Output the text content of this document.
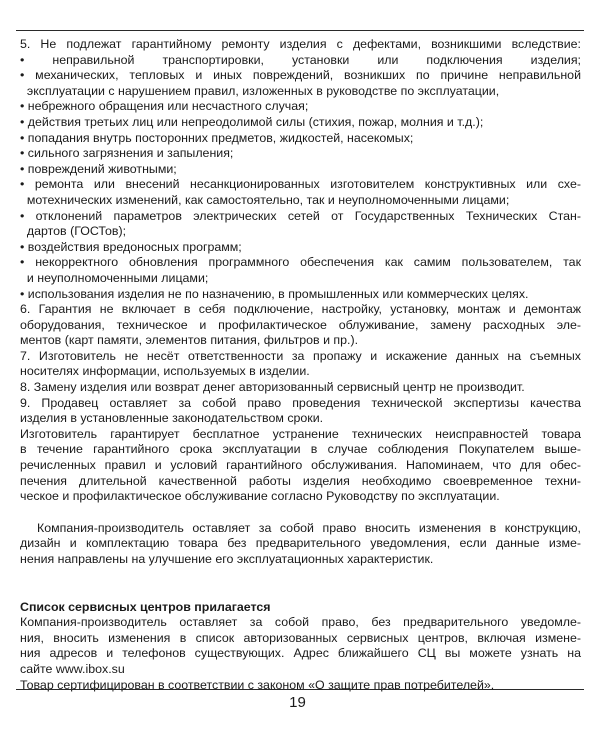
5. Не подлежат гарантийному ремонту изделия с дефектами, возникшими вследствие:
• неправильной транспортировки, установки или подключения изделия;
• механических, тепловых и иных повреждений, возникших по причине неправильной
эксплуатации с нарушением правил, изложенных в руководстве по эксплуатации,
• небрежного обращения или несчастного случая;
• действия третьих лиц или непреодолимой силы (стихия, пожар, молния и т.д.);
• попадания внутрь посторонних предметов, жидкостей, насекомых;
• сильного загрязнения и запыления;
• повреждений животными;
• ремонта или внесений несанкционированных изготовителем конструктивных или схе-
мотехнических изменений, как самостоятельно, так и неуполномоченными лицами;
• отклонений параметров электрических сетей от Государственных Технических Стан-
дартов (ГОСТов);
• воздействия вредоносных программ;
• некорректного обновления программного обеспечения как самим пользователем, так
и неуполномоченными лицами;
• использования изделия не по назначению, в промышленных или коммерческих целях.
6. Гарантия не включает в себя подключение, настройку, установку, монтаж и демонтаж
оборудования, техническое и профилактическое облуживание, замену расходных эле-
ментов (карт памяти, элементов питания, фильтров и пр.).
7. Изготовитель не несёт ответственности за пропажу и искажение данных на съемных
носителях информации, используемых в изделии.
8. Замену изделия или возврат денег авторизованный сервисный центр не производит.
9. Продавец оставляет за собой право проведения технической экспертизы качества
изделия в установленные законодательством сроки.
Изготовитель гарантирует бесплатное устранение технических неисправностей товара
в течение гарантийного срока эксплуатации в случае соблюдения Покупателем выше-
речисленных правил и условий гарантийного обслуживания. Напоминаем, что для обес-
печения длительной качественной работы изделия необходимо своевременное техни-
ческое и профилактическое обслуживание согласно Руководству по эксплуатации.
Компания-производитель оставляет за собой право вносить изменения в конструкцию,
дизайн и комплектацию товара без предварительного уведомления, если данные изме-
нения направлены на улучшение его эксплуатационных характеристик.
Список сервисных центров прилагается
Компания-производитель оставляет за собой право, без предварительного уведомле-
ния, вносить изменения в список авторизованных сервисных центров, включая измене-
ния адресов и телефонов существующих. Адрес ближайшего СЦ вы можете узнать на
сайте www.ibox.su
Товар сертифицирован в соответствии с законом «О защите прав потребителей».
19
